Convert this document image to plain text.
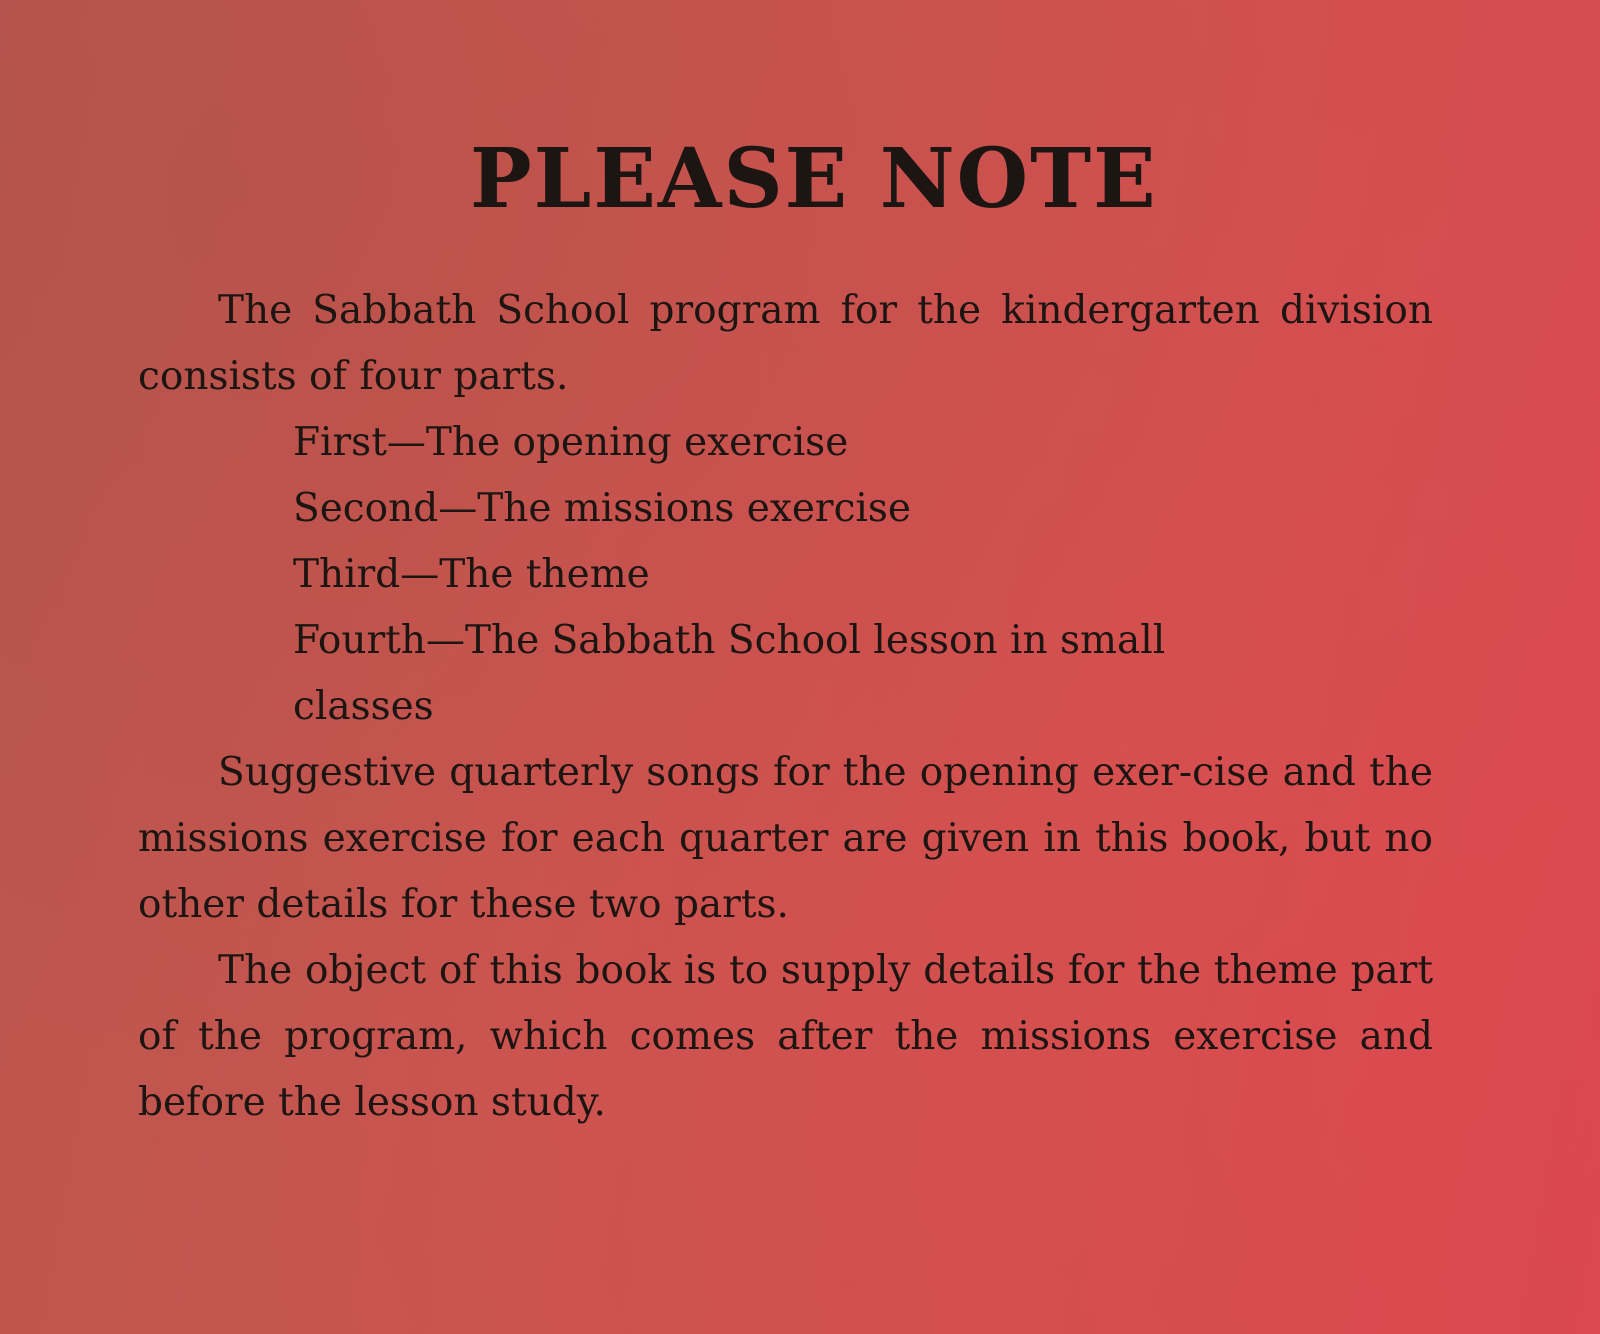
PLEASE NOTE

The Sabbath School program for the kindergarten division consists of four parts.

First—The opening exercise
Second—The missions exercise
Third—The theme
Fourth—The Sabbath School lesson in small
classes

Suggestive quarterly songs for the opening exer-cise and the missions exercise for each quarter are given in this book, but no other details for these two parts.

The object of this book is to supply details for the theme part of the program, which comes after the missions exercise and before the lesson study.
